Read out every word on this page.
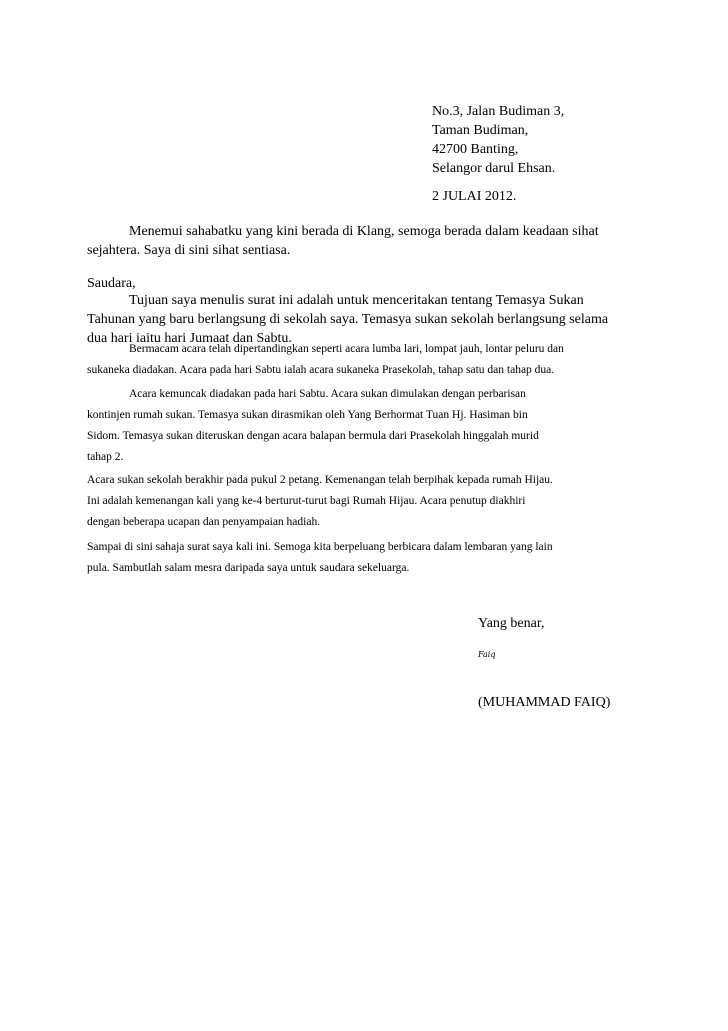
No.3, Jalan Budiman 3,
Taman Budiman,
42700 Banting,
Selangor darul Ehsan.
2 JULAI 2012.
Menemui sahabatku yang kini berada di Klang, semoga berada dalam keadaan sihat
sejahtera. Saya di sini sihat sentiasa.
Saudara,
Tujuan saya menulis surat ini adalah untuk menceritakan tentang Temasya Sukan
Tahunan yang baru berlangsung di sekolah saya. Temasya sukan sekolah berlangsung selama
dua hari iaitu hari Jumaat dan Sabtu.
Bermacam acara telah dipertandingkan seperti acara lumba lari, lompat jauh, lontar peluru dan
sukaneka diadakan. Acara pada hari Sabtu ialah acara sukaneka Prasekolah, tahap satu dan tahap dua.
Acara kemuncak diadakan pada hari Sabtu. Acara sukan dimulakan dengan perbarisan
kontinjen rumah sukan. Temasya sukan dirasmikan oleh Yang Berhormat Tuan Hj. Hasiman bin
Sidom. Temasya sukan diteruskan dengan acara balapan bermula dari Prasekolah hinggalah murid
tahap 2.
Acara sukan sekolah berakhir pada pukul 2 petang. Kemenangan telah berpihak kepada rumah Hijau.
Ini adalah kemenangan kali yang ke-4 berturut-turut bagi Rumah Hijau. Acara penutup diakhiri
dengan beberapa ucapan dan penyampaian hadiah.
Sampai di sini sahaja surat saya kali ini. Semoga kita berpeluang berbicara dalam lembaran yang lain
pula. Sambutlah salam mesra daripada saya untuk saudara sekeluarga.
Yang benar,
Faiq
(MUHAMMAD FAIQ)
